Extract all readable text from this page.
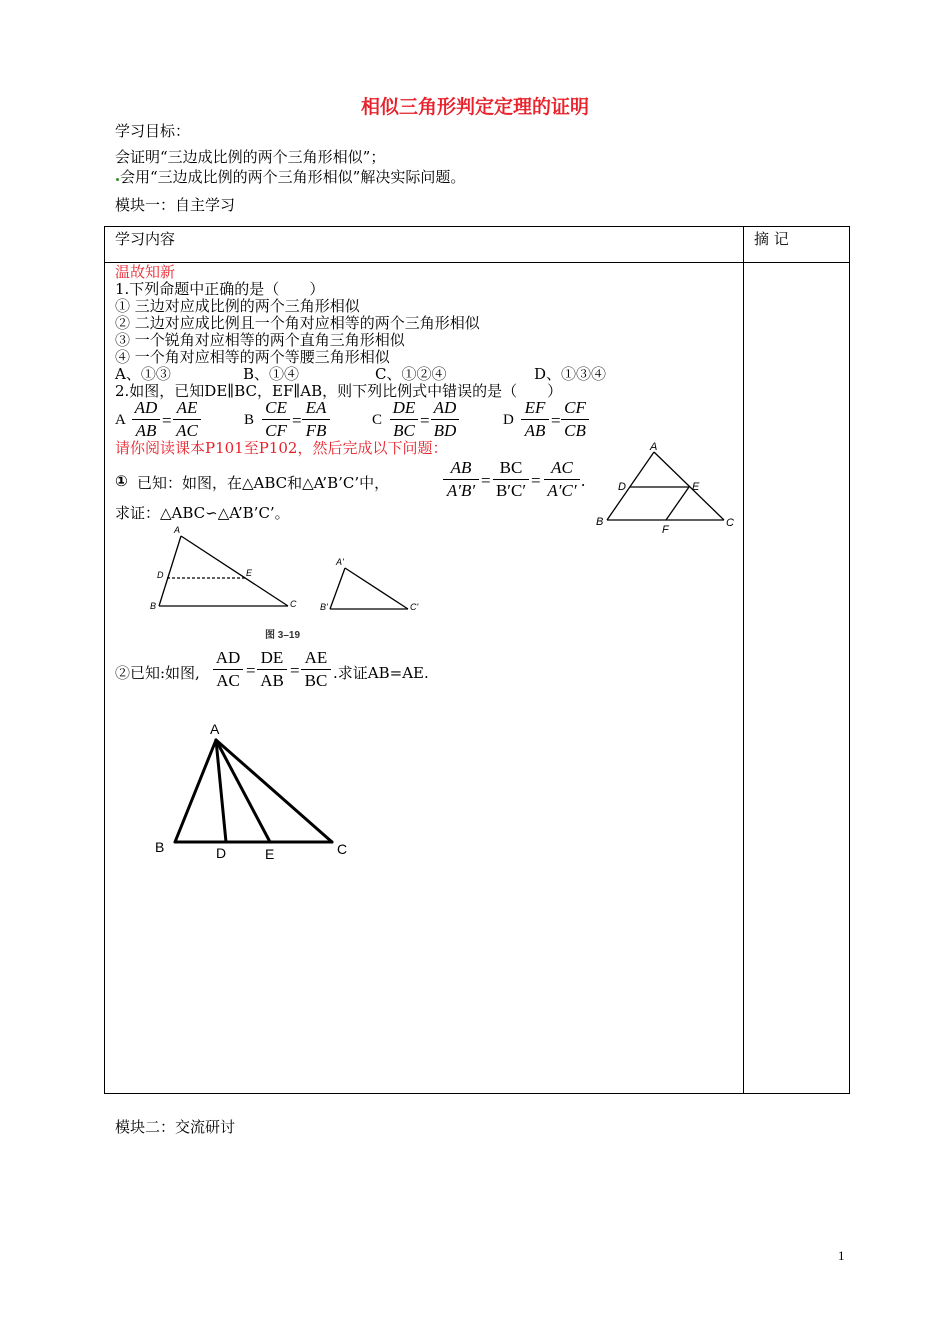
相似三角形判定定理的证明
学习目标：
会证明“三边成比例的两个三角形相似”；
会用“三边成比例的两个三角形相似”解决实际问题。
模块一：自主学习
学习内容	摘 记
温故知新
1.下列命题中正确的是（　　）
① 三边对应成比例的两个三角形相似
② 二边对应成比例且一个角对应相等的两个三角形相似
③ 一个锐角对应相等的两个直角三角形相似
④ 一个角对应相等的两个等腰三角形相似
A、①③	B、①④	C、①②④	D、①③④
2.如图，已知DE∥BC，EF∥AB，则下列比例式中错误的是（　　）
A
AD
AB
=
AE
AC
B
CE
CF
=
EA
FB
C
DE
BC
=
AD
BD
D
EF
AB
=
CF
CB
请你阅读课本P101至P102，然后完成以下问题：
① 已知：如图，在△ABC和△A’B’C’中，
AB
A′B′
=
BC
B′C′
=
AC
A′C′
.
求证：△ABC∽△A’B’C’。
A
D	E
B
F
C
A
D	E
B	C
A'
B'	C'
图 3–19
②已知:如图,
AD
AC
=
DE
AB
=
AE
BC .求证AB=AE.
A
B	D	E	C
模块二：交流研讨
1
